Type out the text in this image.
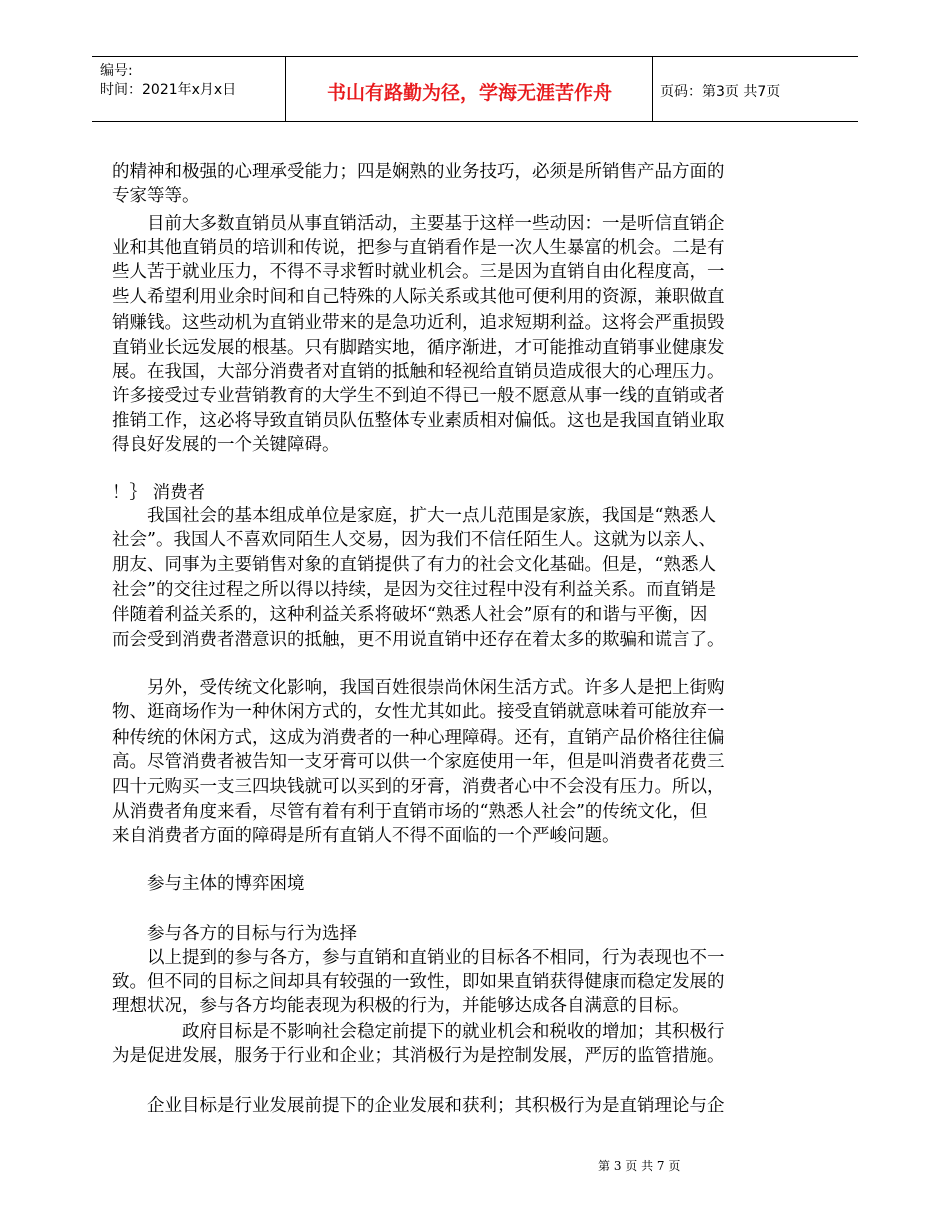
编号:
时间：2021年x月x日	书山有路勤为径，学海无涯苦作舟	页码：第3页 共7页
的精神和极强的心理承受能力；四是娴熟的业务技巧，必须是所销售产品方面的
专家等等。
　　目前大多数直销员从事直销活动，主要基于这样一些动因：一是听信直销企
业和其他直销员的培训和传说，把参与直销看作是一次人生暴富的机会。二是有
些人苦于就业压力，不得不寻求暂时就业机会。三是因为直销自由化程度高，一
些人希望利用业余时间和自己特殊的人际关系或其他可便利用的资源，兼职做直
销赚钱。这些动机为直销业带来的是急功近利，追求短期利益。这将会严重损毁
直销业长远发展的根基。只有脚踏实地，循序渐进，才可能推动直销事业健康发
展。在我国，大部分消费者对直销的抵触和轻视给直销员造成很大的心理压力。
许多接受过专业营销教育的大学生不到迫不得已一般不愿意从事一线的直销或者
推销工作，这必将导致直销员队伍整体专业素质相对偏低。这也是我国直销业取
得良好发展的一个关键障碍。
！｝ 消费者
　　我国社会的基本组成单位是家庭，扩大一点儿范围是家族，我国是“熟悉人
社会”。我国人不喜欢同陌生人交易，因为我们不信任陌生人。这就为以亲人、
朋友、同事为主要销售对象的直销提供了有力的社会文化基础。但是，“熟悉人
社会”的交往过程之所以得以持续，是因为交往过程中没有利益关系。而直销是
伴随着利益关系的，这种利益关系将破坏“熟悉人社会”原有的和谐与平衡，因
而会受到消费者潜意识的抵触，更不用说直销中还存在着太多的欺骗和谎言了。
　　另外，受传统文化影响，我国百姓很崇尚休闲生活方式。许多人是把上街购
物、逛商场作为一种休闲方式的，女性尤其如此。接受直销就意味着可能放弃一
种传统的休闲方式，这成为消费者的一种心理障碍。还有，直销产品价格往往偏
高。尽管消费者被告知一支牙膏可以供一个家庭使用一年，但是叫消费者花费三
四十元购买一支三四块钱就可以买到的牙膏，消费者心中不会没有压力。所以，
从消费者角度来看，尽管有着有利于直销市场的“熟悉人社会”的传统文化，但
来自消费者方面的障碍是所有直销人不得不面临的一个严峻问题。
　　参与主体的博弈困境
　　参与各方的目标与行为选择
　　以上提到的参与各方，参与直销和直销业的目标各不相同，行为表现也不一
致。但不同的目标之间却具有较强的一致性，即如果直销获得健康而稳定发展的
理想状况，参与各方均能表现为积极的行为，并能够达成各自满意的目标。
　　　　政府目标是不影响社会稳定前提下的就业机会和税收的增加；其积极行
为是促进发展，服务于行业和企业；其消极行为是控制发展，严厉的监管措施。
　　企业目标是行业发展前提下的企业发展和获利；其积极行为是直销理论与企
第 3 页 共 7 页
